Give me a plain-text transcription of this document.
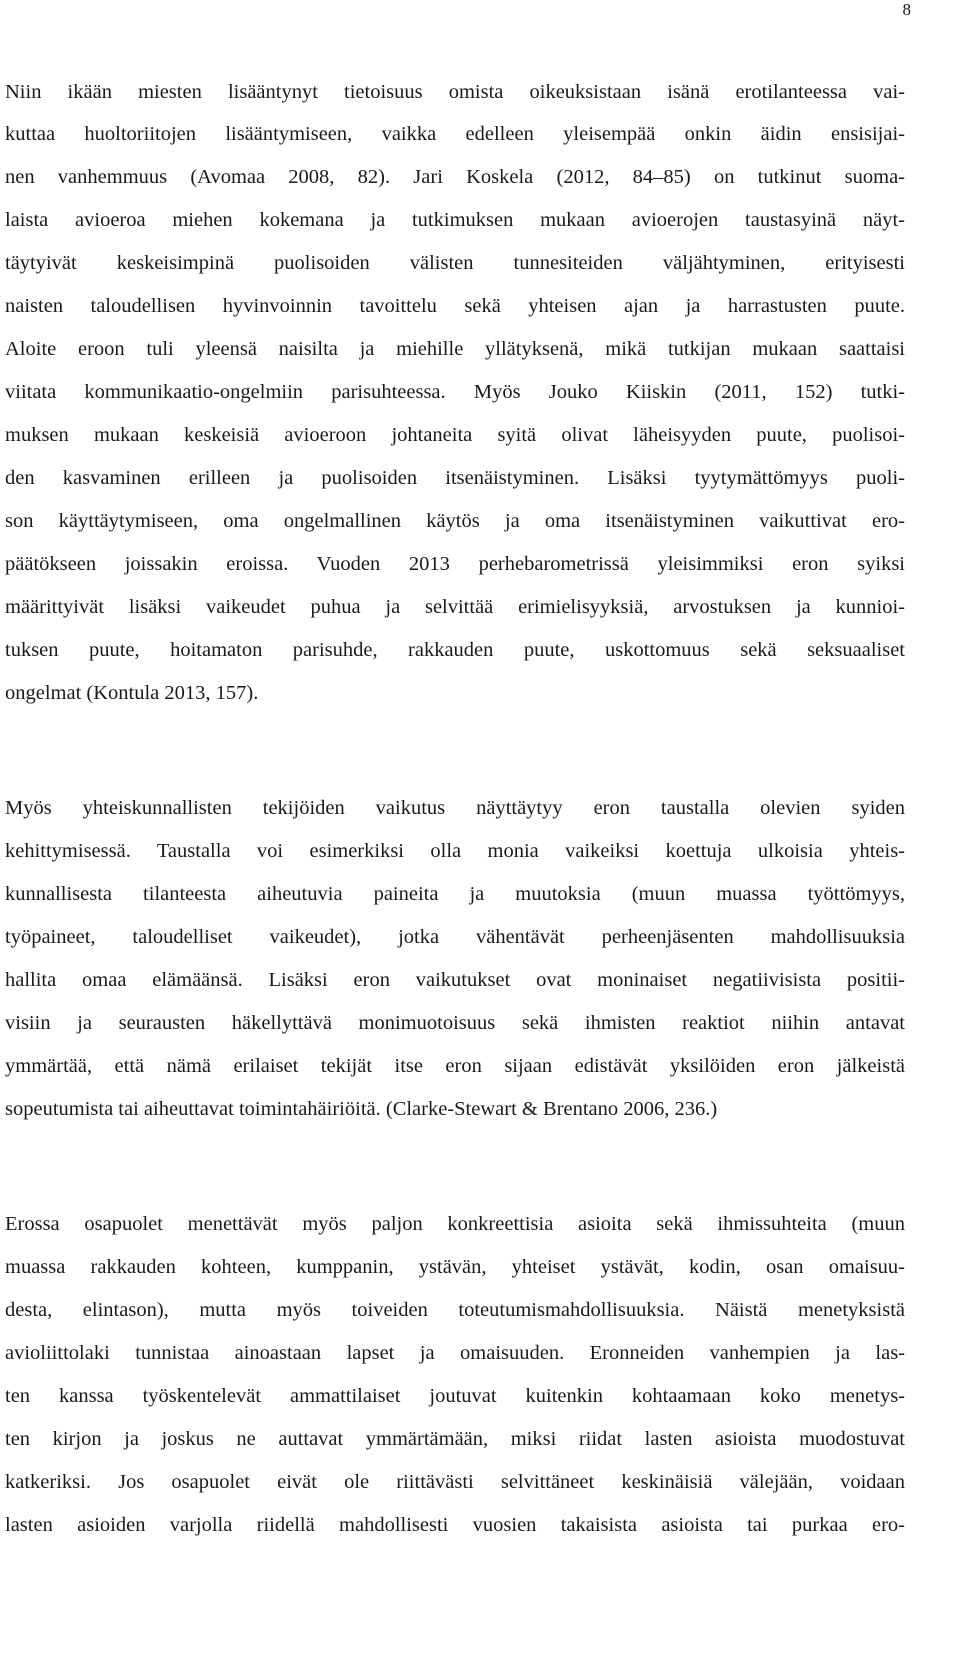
8

Niin ikään miesten lisääntynyt tietoisuus omista oikeuksistaan isänä erotilanteessa vai-

kuttaa huoltoriitojen lisääntymiseen, vaikka edelleen yleisempää onkin äidin ensisijai-

nen vanhemmuus (Avomaa 2008, 82). Jari Koskela (2012, 84–85) on tutkinut suoma-

laista avioeroa miehen kokemana ja tutkimuksen mukaan avioerojen taustasyinä näyt-

täytyivät keskeisimpinä puolisoiden välisten tunnesiteiden väljähtyminen, erityisesti

naisten taloudellisen hyvinvoinnin tavoittelu sekä yhteisen ajan ja harrastusten puute.

Aloite eroon tuli yleensä naisilta ja miehille yllätyksenä, mikä tutkijan mukaan saattaisi

viitata kommunikaatio-ongelmiin parisuhteessa. Myös Jouko Kiiskin (2011, 152) tutki-

muksen mukaan keskeisiä avioeroon johtaneita syitä olivat läheisyyden puute, puolisoi-

den kasvaminen erilleen ja puolisoiden itsenäistyminen. Lisäksi tyytymättömyys puoli-

son käyttäytymiseen, oma ongelmallinen käytös ja oma itsenäistyminen vaikuttivat ero-

päätökseen joissakin eroissa. Vuoden 2013 perhebarometrissä yleisimmiksi eron syiksi

määrittyivät lisäksi vaikeudet puhua ja selvittää erimielisyyksiä, arvostuksen ja kunnioi-

tuksen puute, hoitamaton parisuhde, rakkauden puute, uskottomuus sekä seksuaaliset

ongelmat (Kontula 2013, 157).

Myös yhteiskunnallisten tekijöiden vaikutus näyttäytyy eron taustalla olevien syiden

kehittymisessä. Taustalla voi esimerkiksi olla monia vaikeiksi koettuja ulkoisia yhteis-

kunnallisesta tilanteesta aiheutuvia paineita ja muutoksia (muun muassa työttömyys,

työpaineet, taloudelliset vaikeudet), jotka vähentävät perheenjäsenten mahdollisuuksia

hallita omaa elämäänsä. Lisäksi eron vaikutukset ovat moninaiset negatiivisista positii-

visiin ja seurausten häkellyttävä monimuotoisuus sekä ihmisten reaktiot niihin antavat

ymmärtää, että nämä erilaiset tekijät itse eron sijaan edistävät yksilöiden eron jälkeistä

sopeutumista tai aiheuttavat toimintahäiriöitä. (Clarke-Stewart & Brentano 2006, 236.)

Erossa osapuolet menettävät myös paljon konkreettisia asioita sekä ihmissuhteita (muun

muassa rakkauden kohteen, kumppanin, ystävän, yhteiset ystävät, kodin, osan omaisuu-

desta, elintason), mutta myös toiveiden toteutumismahdollisuuksia. Näistä menetyksistä

avioliittolaki tunnistaa ainoastaan lapset ja omaisuuden. Eronneiden vanhempien ja las-

ten kanssa työskentelevät ammattilaiset joutuvat kuitenkin kohtaamaan koko menetys-

ten kirjon ja joskus ne auttavat ymmärtämään, miksi riidat lasten asioista muodostuvat

katkeriksi. Jos osapuolet eivät ole riittävästi selvittäneet keskinäisiä välejään, voidaan

lasten asioiden varjolla riidellä mahdollisesti vuosien takaisista asioista tai purkaa ero-
